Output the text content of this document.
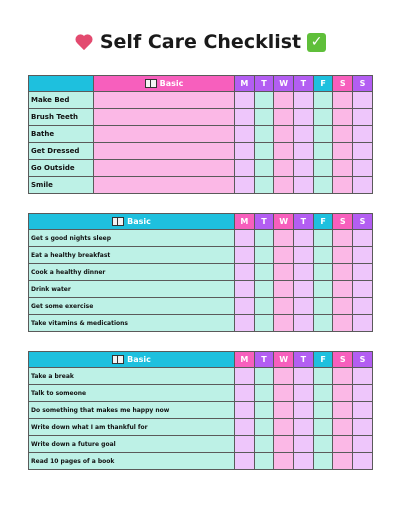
Self Care Checklist ✓
	Basic	M	T	W	T	F	S	S
Make Bed								
Brush Teeth								
Bathe								
Get Dressed								
Go Outside								
Smile								
Basic	M	T	W	T	F	S	S
Get s good nights sleep							
Eat a healthy breakfast							
Cook a healthy dinner							
Drink water							
Get some exercise							
Take vitamins & medications							
Basic	M	T	W	T	F	S	S
Take a break							
Talk to someone							
Do something that makes me happy now							
Write down what I am thankful for							
Write down a future goal							
Read 10 pages of a book							
